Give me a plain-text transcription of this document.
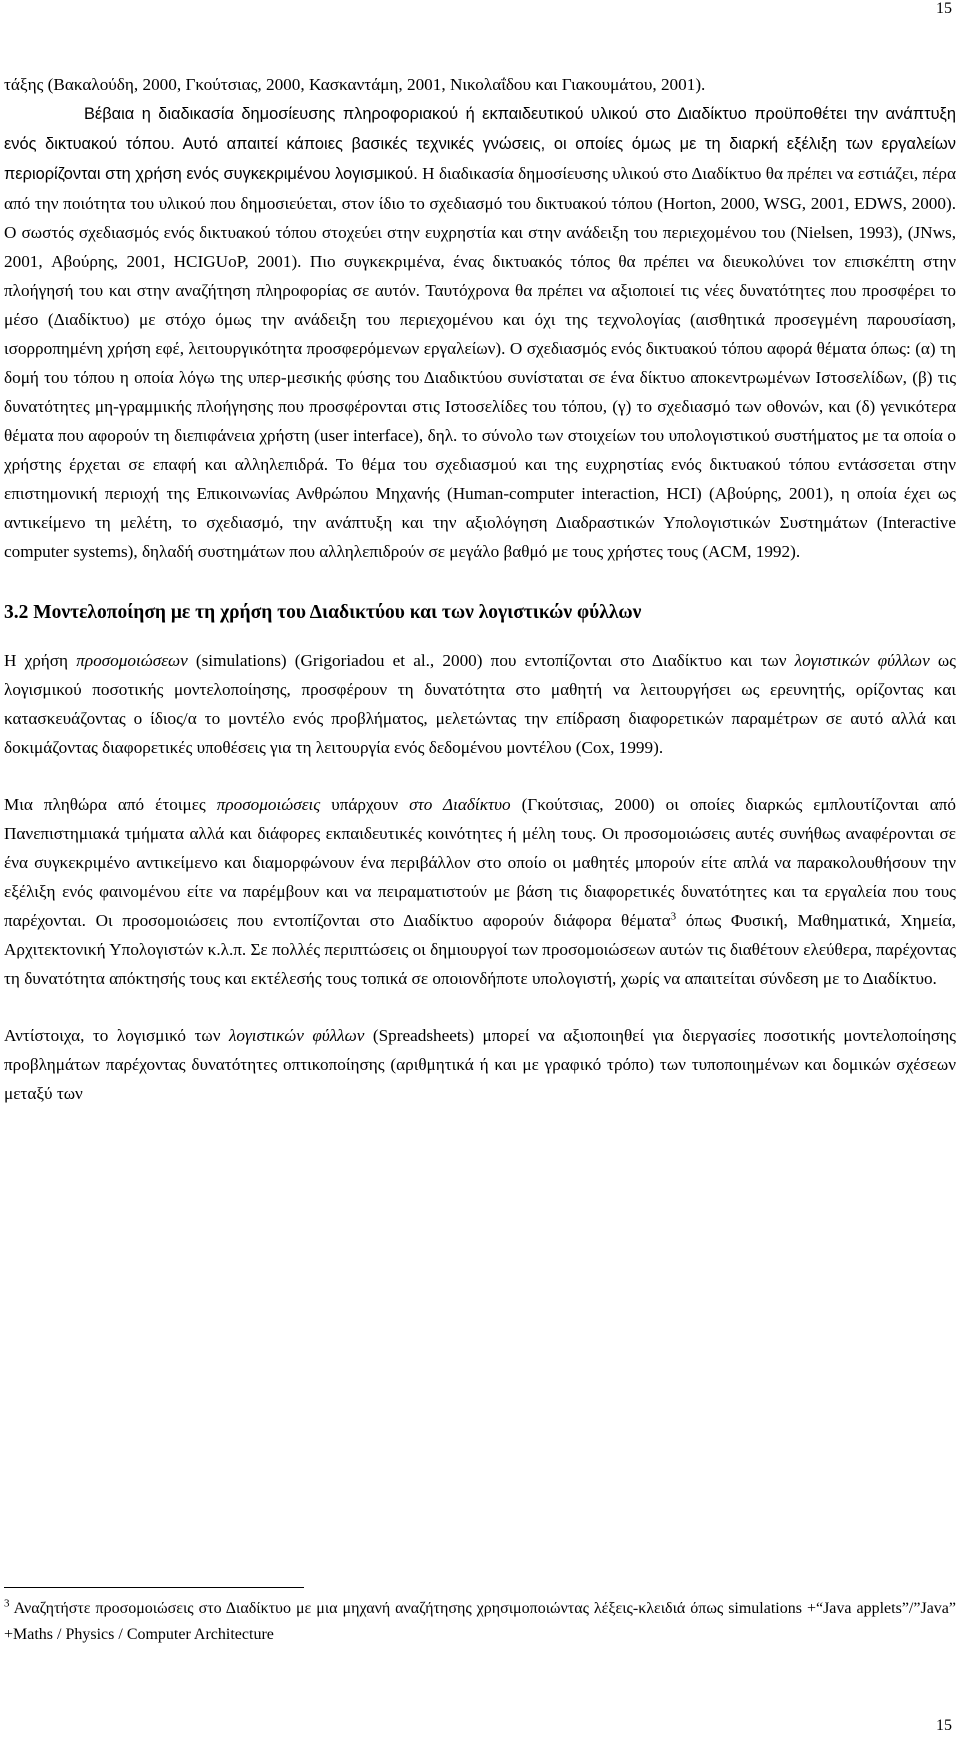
15

τάξης (Βακαλούδη, 2000, Γκούτσιας, 2000, Κασκαντάμη, 2001, Νικολαΐδου και Γιακουμάτου, 2001).

Βέβαια η διαδικασία δημοσίευσης πληροφοριακού ή εκπαιδευτικού υλικού στο Διαδίκτυο προϋποθέτει την ανάπτυξη ενός δικτυακού τόπου. Αυτό απαιτεί κάποιες βασικές τεχνικές γνώσεις, οι οποίες όμως με τη διαρκή εξέλιξη των εργαλείων περιορίζονται στη χρήση ενός συγκεκριμένου λογισμικού. Η διαδικασία δημοσίευσης υλικού στο Διαδίκτυο θα πρέπει να εστιάζει, πέρα από την ποιότητα του υλικού που δημοσιεύεται, στον ίδιο το σχεδιασμό του δικτυακού τόπου (Horton, 2000, WSG, 2001, EDWS, 2000). Ο σωστός σχεδιασμός ενός δικτυακού τόπου στοχεύει στην ευχρηστία και στην ανάδειξη του περιεχομένου του (Nielsen, 1993), (JNws, 2001, Αβούρης, 2001, HCIGUoP, 2001). Πιο συγκεκριμένα, ένας δικτυακός τόπος θα πρέπει να διευκολύνει τον επισκέπτη στην πλοήγησή του και στην αναζήτηση πληροφορίας σε αυτόν. Ταυτόχρονα θα πρέπει να αξιοποιεί τις νέες δυνατότητες που προσφέρει το μέσο (Διαδίκτυο) με στόχο όμως την ανάδειξη του περιεχομένου και όχι της τεχνολογίας (αισθητικά προσεγμένη παρουσίαση, ισορροπημένη χρήση εφέ, λειτουργικότητα προσφερόμενων εργαλείων). Ο σχεδιασμός ενός δικτυακού τόπου αφορά θέματα όπως: (α) τη δομή του τόπου η οποία λόγω της υπερ-μεσικής φύσης του Διαδικτύου συνίσταται σε ένα δίκτυο αποκεντρωμένων Ιστοσελίδων, (β) τις δυνατότητες μη-γραμμικής πλοήγησης που προσφέρονται στις Ιστοσελίδες του τόπου, (γ) το σχεδιασμό των οθονών, και (δ) γενικότερα θέματα που αφορούν τη διεπιφάνεια χρήστη (user interface), δηλ. το σύνολο των στοιχείων του υπολογιστικού συστήματος με τα οποία ο χρήστης έρχεται σε επαφή και αλληλεπιδρά. Το θέμα του σχεδιασμού και της ευχρηστίας ενός δικτυακού τόπου εντάσσεται στην επιστημονική περιοχή της Επικοινωνίας Ανθρώπου Μηχανής (Human-computer interaction, HCI) (Αβούρης, 2001), η οποία έχει ως αντικείμενο τη μελέτη, το σχεδιασμό, την ανάπτυξη και την αξιολόγηση Διαδραστικών Υπολογιστικών Συστημάτων (Interactive computer systems), δηλαδή συστημάτων που αλληλεπιδρούν σε μεγάλο βαθμό με τους χρήστες τους (ACM, 1992).

3.2 Μοντελοποίηση με τη χρήση του Διαδικτύου και των λογιστικών φύλλων

Η χρήση προσομοιώσεων (simulations) (Grigoriadou et al., 2000) που εντοπίζονται στο Διαδίκτυο και των λογιστικών φύλλων ως λογισμικού ποσοτικής μοντελοποίησης, προσφέρουν τη δυνατότητα στο μαθητή να λειτουργήσει ως ερευνητής, ορίζοντας και κατασκευάζοντας ο ίδιος/α το μοντέλο ενός προβλήματος, μελετώντας την επίδραση διαφορετικών παραμέτρων σε αυτό αλλά και δοκιμάζοντας διαφορετικές υποθέσεις για τη λειτουργία ενός δεδομένου μοντέλου (Cox, 1999).

Μια πληθώρα από έτοιμες προσομοιώσεις υπάρχουν στο Διαδίκτυο (Γκούτσιας, 2000) οι οποίες διαρκώς εμπλουτίζονται από Πανεπιστημιακά τμήματα αλλά και διάφορες εκπαιδευτικές κοινότητες ή μέλη τους. Οι προσομοιώσεις αυτές συνήθως αναφέρονται σε ένα συγκεκριμένο αντικείμενο και διαμορφώνουν ένα περιβάλλον στο οποίο οι μαθητές μπορούν είτε απλά να παρακολουθήσουν την εξέλιξη ενός φαινομένου είτε να παρέμβουν και να πειραματιστούν με βάση τις διαφορετικές δυνατότητες και τα εργαλεία που τους παρέχονται. Οι προσομοιώσεις που εντοπίζονται στο Διαδίκτυο αφορούν διάφορα θέματα$^3$ όπως Φυσική, Μαθηματικά, Χημεία, Αρχιτεκτονική Υπολογιστών κ.λ.π. Σε πολλές περιπτώσεις οι δημιουργοί των προσομοιώσεων αυτών τις διαθέτουν ελεύθερα, παρέχοντας τη δυνατότητα απόκτησής τους και εκτέλεσής τους τοπικά σε οποιονδήποτε υπολογιστή, χωρίς να απαιτείται σύνδεση με το Διαδίκτυο.

Αντίστοιχα, το λογισμικό των λογιστικών φύλλων (Spreadsheets) μπορεί να αξιοποιηθεί για διεργασίες ποσοτικής μοντελοποίησης προβλημάτων παρέχοντας δυνατότητες οπτικοποίησης (αριθμητικά ή και με γραφικό τρόπο) των τυποποιημένων και δομικών σχέσεων μεταξύ των

$^3$ Αναζητήστε προσομοιώσεις στο Διαδίκτυο με μια μηχανή αναζήτησης χρησιμοποιώντας λέξεις-κλειδιά όπως simulations +“Java applets”/”Java” +Maths / Physics / Computer Architecture
15
